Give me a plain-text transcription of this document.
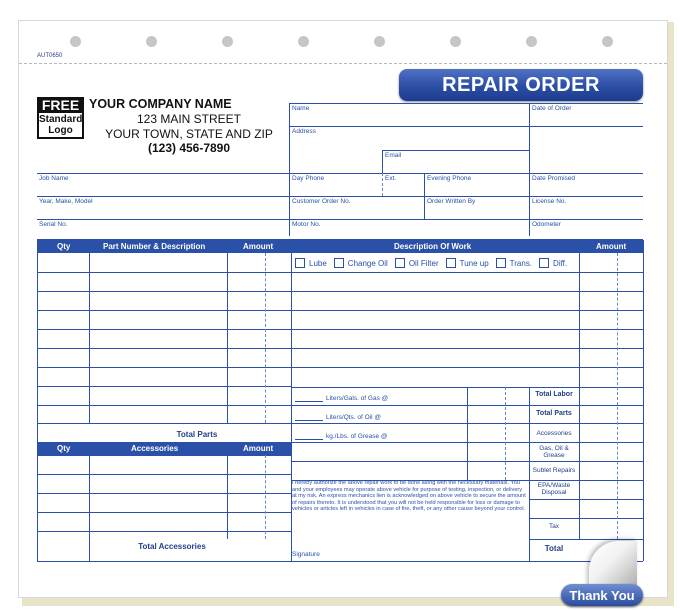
AUT0650
REPAIR ORDER
FREE
Standard
Logo
YOUR COMPANY NAME
123 MAIN STREET
YOUR TOWN, STATE AND ZIP
(123) 456-7890
Name	Date of Order
Address
Email
Job Name	Day Phone	Ext.	Evening Phone	Date Promised
Year, Make, Model	Customer Order No.	Order Written By	License No.
Serial No.	Motor No.	Odometer
Qty	Part Number & Description	Amount	Description Of Work	Amount
Qty	Accessories	Amount
Lube	Change Oil	Oil Filter	Tune up	Trans.	Diff.
Liters/Gals. of Gas @
Liters/Qts. of Oil @
kg./Lbs. of Grease @
Total Parts
Total Accessories
Total Labor
Total Parts
Accessories
Gas, Oil & Grease
Sublet Repairs
EPA/Waste Disposal
Tax
Total
I hereby authorize the above repair work to be done along with the necessary materials. You and your employees may operate above vehicle for purpose of testing, inspection, or delivery at my risk. An express mechanics lien is acknowledged on above vehicle to secure the amount of repairs thereto. It is understood that you will not be held responsible for loss or damage to vehicles or articles left in vehicles in case of fire, theft, or any other cause beyond your control.
Signature
Thank You
